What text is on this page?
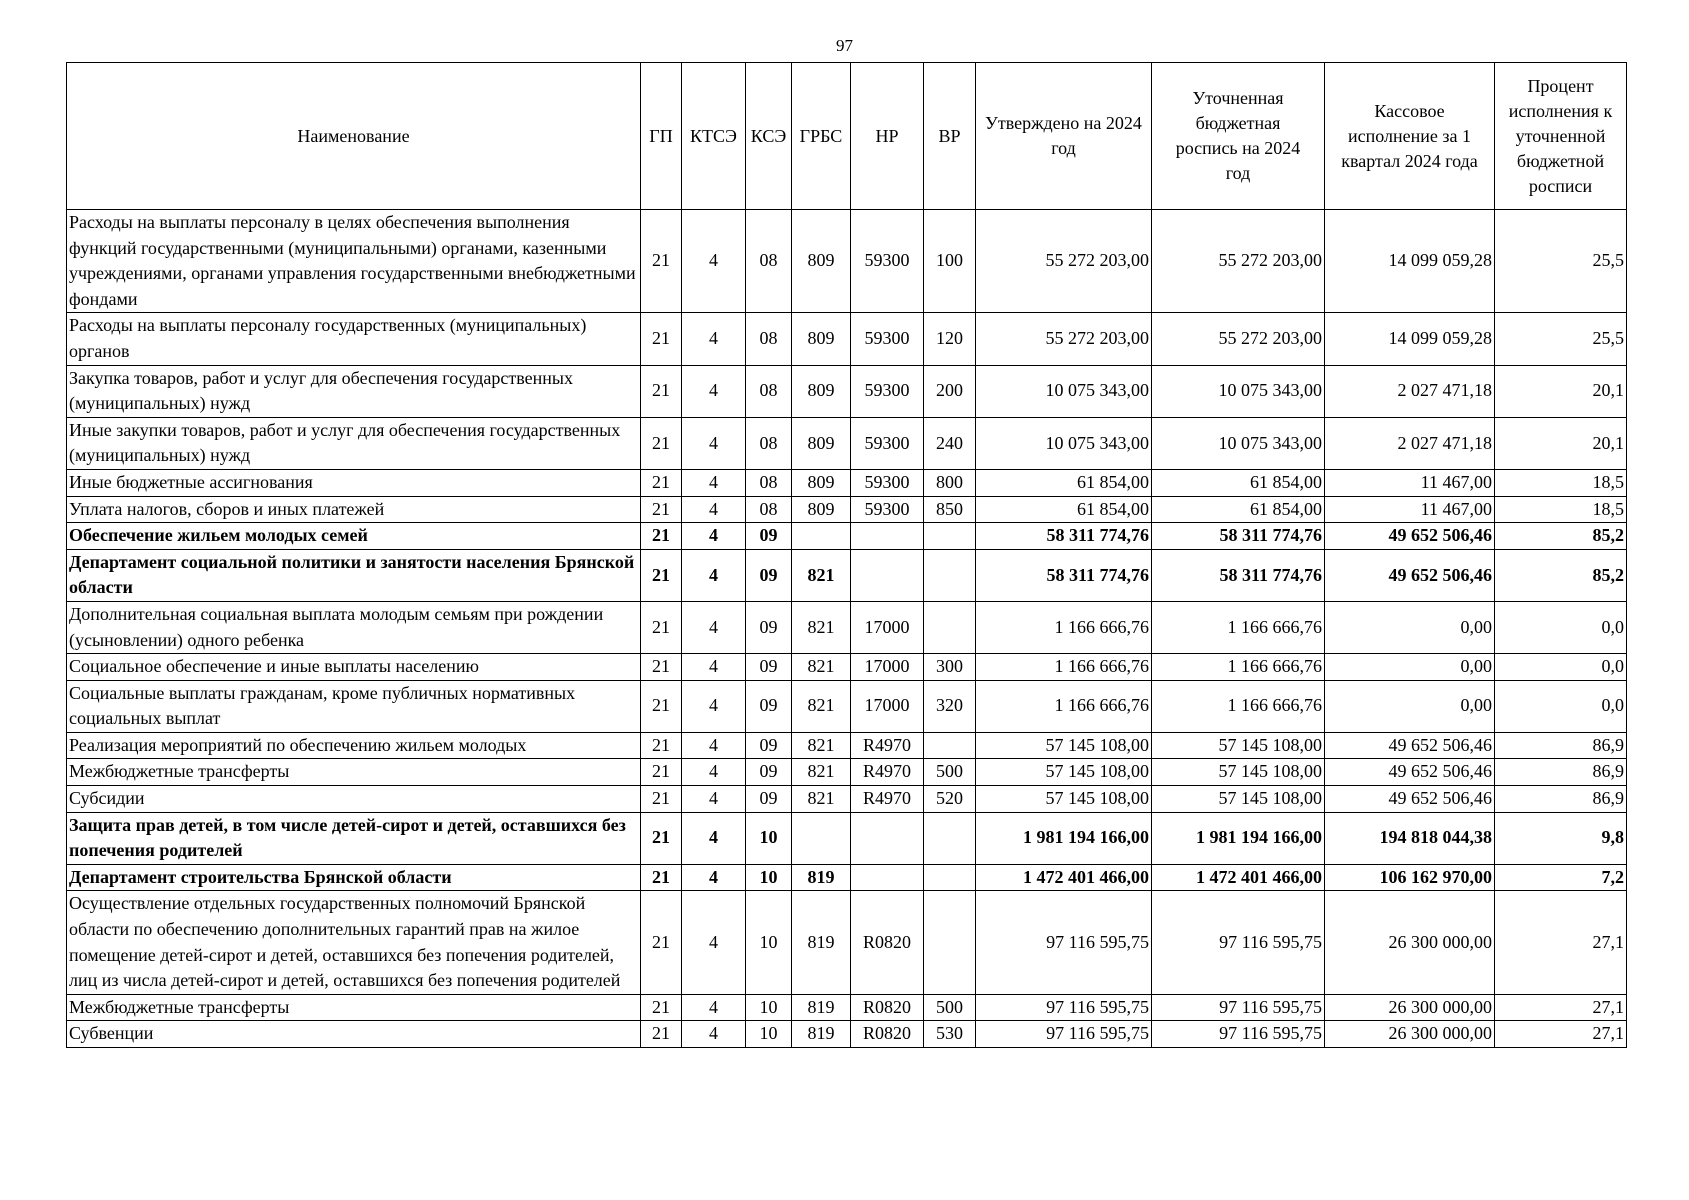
97
Наименование	ГП	КТСЭ	КСЭ	ГРБС	НР	ВР	Утверждено на 2024 год	Уточненная бюджетная роспись на 2024 год	Кассовое исполнение за 1 квартал 2024 года	Процент исполнения к уточненной бюджетной росписи
Расходы на выплаты персоналу в целях обеспечения выполнения функций государственными (муниципальными) органами, казенными учреждениями, органами управления государственными внебюджетными фондами	21	4	08	809	59300	100	55 272 203,00	55 272 203,00	14 099 059,28	25,5
Расходы на выплаты персоналу государственных (муниципальных) органов	21	4	08	809	59300	120	55 272 203,00	55 272 203,00	14 099 059,28	25,5
Закупка товаров, работ и услуг для обеспечения государственных (муниципальных) нужд	21	4	08	809	59300	200	10 075 343,00	10 075 343,00	2 027 471,18	20,1
Иные закупки товаров, работ и услуг для обеспечения государственных (муниципальных) нужд	21	4	08	809	59300	240	10 075 343,00	10 075 343,00	2 027 471,18	20,1
Иные бюджетные ассигнования	21	4	08	809	59300	800	61 854,00	61 854,00	11 467,00	18,5
Уплата налогов, сборов и иных платежей	21	4	08	809	59300	850	61 854,00	61 854,00	11 467,00	18,5
Обеспечение жильем молодых семей	21	4	09				58 311 774,76	58 311 774,76	49 652 506,46	85,2
Департамент социальной политики и занятости населения Брянской области	21	4	09	821			58 311 774,76	58 311 774,76	49 652 506,46	85,2
Дополнительная социальная выплата молодым семьям при рождении (усыновлении) одного ребенка	21	4	09	821	17000		1 166 666,76	1 166 666,76	0,00	0,0
Социальное обеспечение и иные выплаты населению	21	4	09	821	17000	300	1 166 666,76	1 166 666,76	0,00	0,0
Социальные выплаты гражданам, кроме публичных нормативных социальных выплат	21	4	09	821	17000	320	1 166 666,76	1 166 666,76	0,00	0,0
Реализация мероприятий по обеспечению жильем молодых	21	4	09	821	R4970		57 145 108,00	57 145 108,00	49 652 506,46	86,9
Межбюджетные трансферты	21	4	09	821	R4970	500	57 145 108,00	57 145 108,00	49 652 506,46	86,9
Субсидии	21	4	09	821	R4970	520	57 145 108,00	57 145 108,00	49 652 506,46	86,9
Защита прав детей, в том числе детей-сирот и детей, оставшихся без попечения родителей	21	4	10				1 981 194 166,00	1 981 194 166,00	194 818 044,38	9,8
Департамент строительства Брянской области	21	4	10	819			1 472 401 466,00	1 472 401 466,00	106 162 970,00	7,2
Осуществление отдельных государственных полномочий Брянской области по обеспечению дополнительных гарантий прав на жилое помещение детей-сирот и детей, оставшихся без попечения родителей, лиц из числа детей-сирот и детей, оставшихся без попечения родителей	21	4	10	819	R0820		97 116 595,75	97 116 595,75	26 300 000,00	27,1
Межбюджетные трансферты	21	4	10	819	R0820	500	97 116 595,75	97 116 595,75	26 300 000,00	27,1
Субвенции	21	4	10	819	R0820	530	97 116 595,75	97 116 595,75	26 300 000,00	27,1
